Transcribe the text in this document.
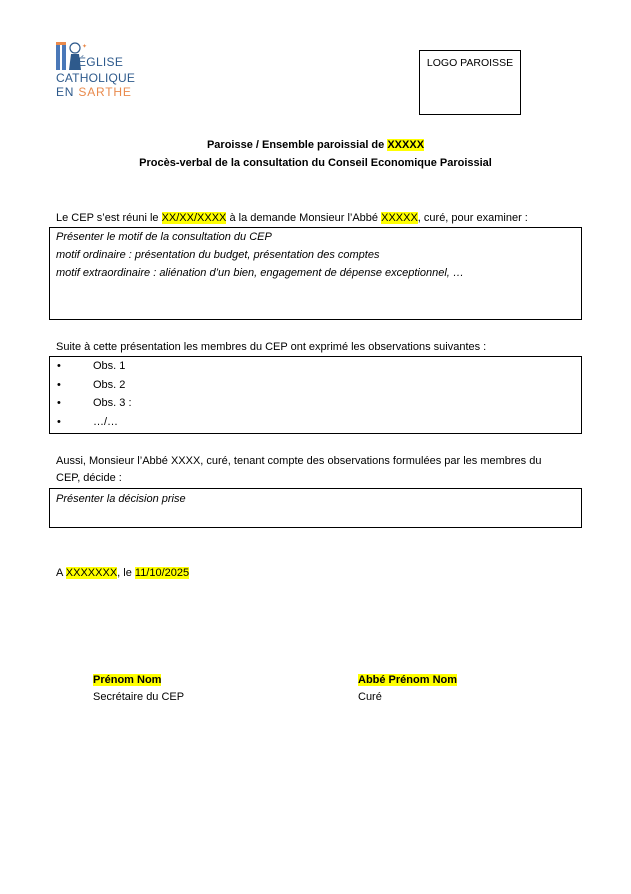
✦
ÉGLISE
CATHOLIQUE
EN SARTHE
LOGO PAROISSE
Paroisse / Ensemble paroissial de XXXXX
Procès-verbal de la consultation du Conseil Economique Paroissial
Le CEP s’est réuni le XX/XX/XXXX à la demande Monsieur l’Abbé XXXXX, curé, pour examiner :
Présenter le motif de la consultation du CEP
motif ordinaire : présentation du budget, présentation des comptes
motif extraordinaire : aliénation d’un bien, engagement de dépense exceptionnel, …
Suite à cette présentation les membres du CEP ont exprimé les observations suivantes :
•	Obs. 1
•	Obs. 2
•	Obs. 3 :
•	…/…
Aussi, Monsieur l’Abbé XXXX, curé, tenant compte des observations formulées par les membres du
CEP, décide :
Présenter la décision prise
A XXXXXXX, le 11/10/2025
Prénom Nom
Secrétaire du CEP
Abbé Prénom Nom
Curé
